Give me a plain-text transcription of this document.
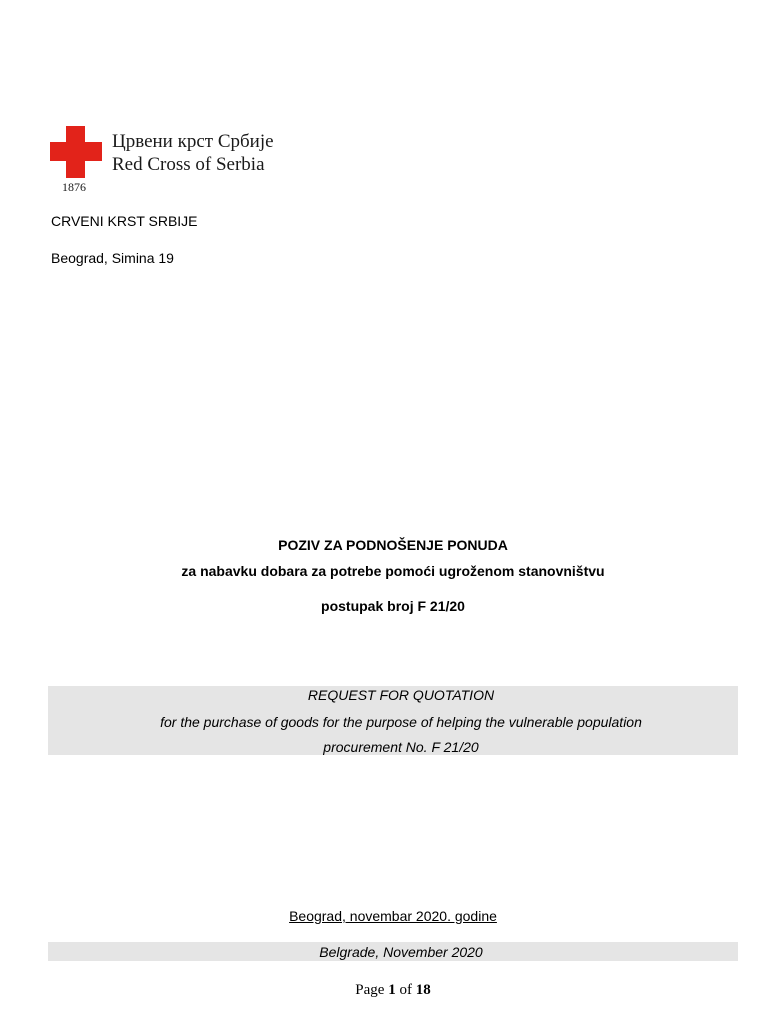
Црвени крст Србије
Red Cross of Serbia
1876
CRVENI KRST SRBIJE
Beograd, Simina 19
POZIV ZA PODNOŠENJE PONUDA
za nabavku dobara za potrebe pomoći ugroženom stanovništvu
postupak broj F 21/20
REQUEST FOR QUOTATION
for the purchase of goods for the purpose of helping the vulnerable population
procurement No. F 21/20
Beograd, novembar 2020. godine
Belgrade, November 2020
Page 1 of 18
